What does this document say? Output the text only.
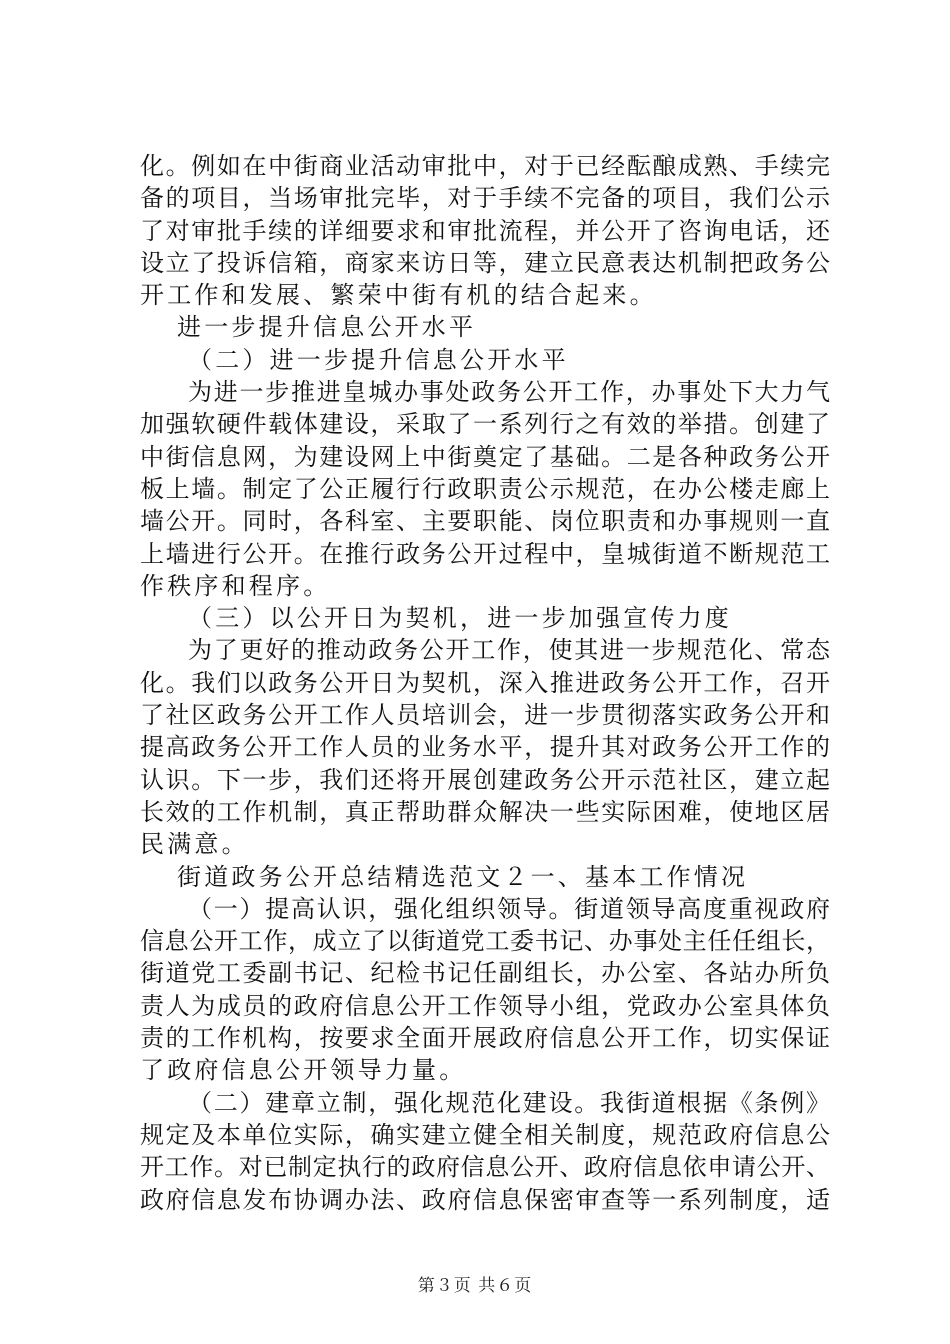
化。例如在中街商业活动审批中，对于已经酝酿成熟、手续完
备的项目，当场审批完毕，对于手续不完备的项目，我们公示
了对审批手续的详细要求和审批流程，并公开了咨询电话，还
设立了投诉信箱，商家来访日等，建立民意表达机制把政务公
开工作和发展、繁荣中街有机的结合起来。
进一步提升信息公开水平
（二）进一步提升信息公开水平
为进一步推进皇城办事处政务公开工作，办事处下大力气
加强软硬件载体建设，采取了一系列行之有效的举措。创建了
中街信息网，为建设网上中街奠定了基础。二是各种政务公开
板上墙。制定了公正履行行政职责公示规范，在办公楼走廊上
墙公开。同时，各科室、主要职能、岗位职责和办事规则一直
上墙进行公开。在推行政务公开过程中，皇城街道不断规范工
作秩序和程序。
（三）以公开日为契机，进一步加强宣传力度
为了更好的推动政务公开工作，使其进一步规范化、常态
化。我们以政务公开日为契机，深入推进政务公开工作，召开
了社区政务公开工作人员培训会，进一步贯彻落实政务公开和
提高政务公开工作人员的业务水平，提升其对政务公开工作的
认识。下一步，我们还将开展创建政务公开示范社区，建立起
长效的工作机制，真正帮助群众解决一些实际困难，使地区居
民满意。
街道政务公开总结精选范文２一、基本工作情况
（一）提高认识，强化组织领导。街道领导高度重视政府
信息公开工作，成立了以街道党工委书记、办事处主任任组长，
街道党工委副书记、纪检书记任副组长，办公室、各站办所负
责人为成员的政府信息公开工作领导小组，党政办公室具体负
责的工作机构，按要求全面开展政府信息公开工作，切实保证
了政府信息公开领导力量。
（二）建章立制，强化规范化建设。我街道根据《条例》
规定及本单位实际，确实建立健全相关制度，规范政府信息公
开工作。对已制定执行的政府信息公开、政府信息依申请公开、
政府信息发布协调办法、政府信息保密审查等一系列制度，适
第３页 共６页
